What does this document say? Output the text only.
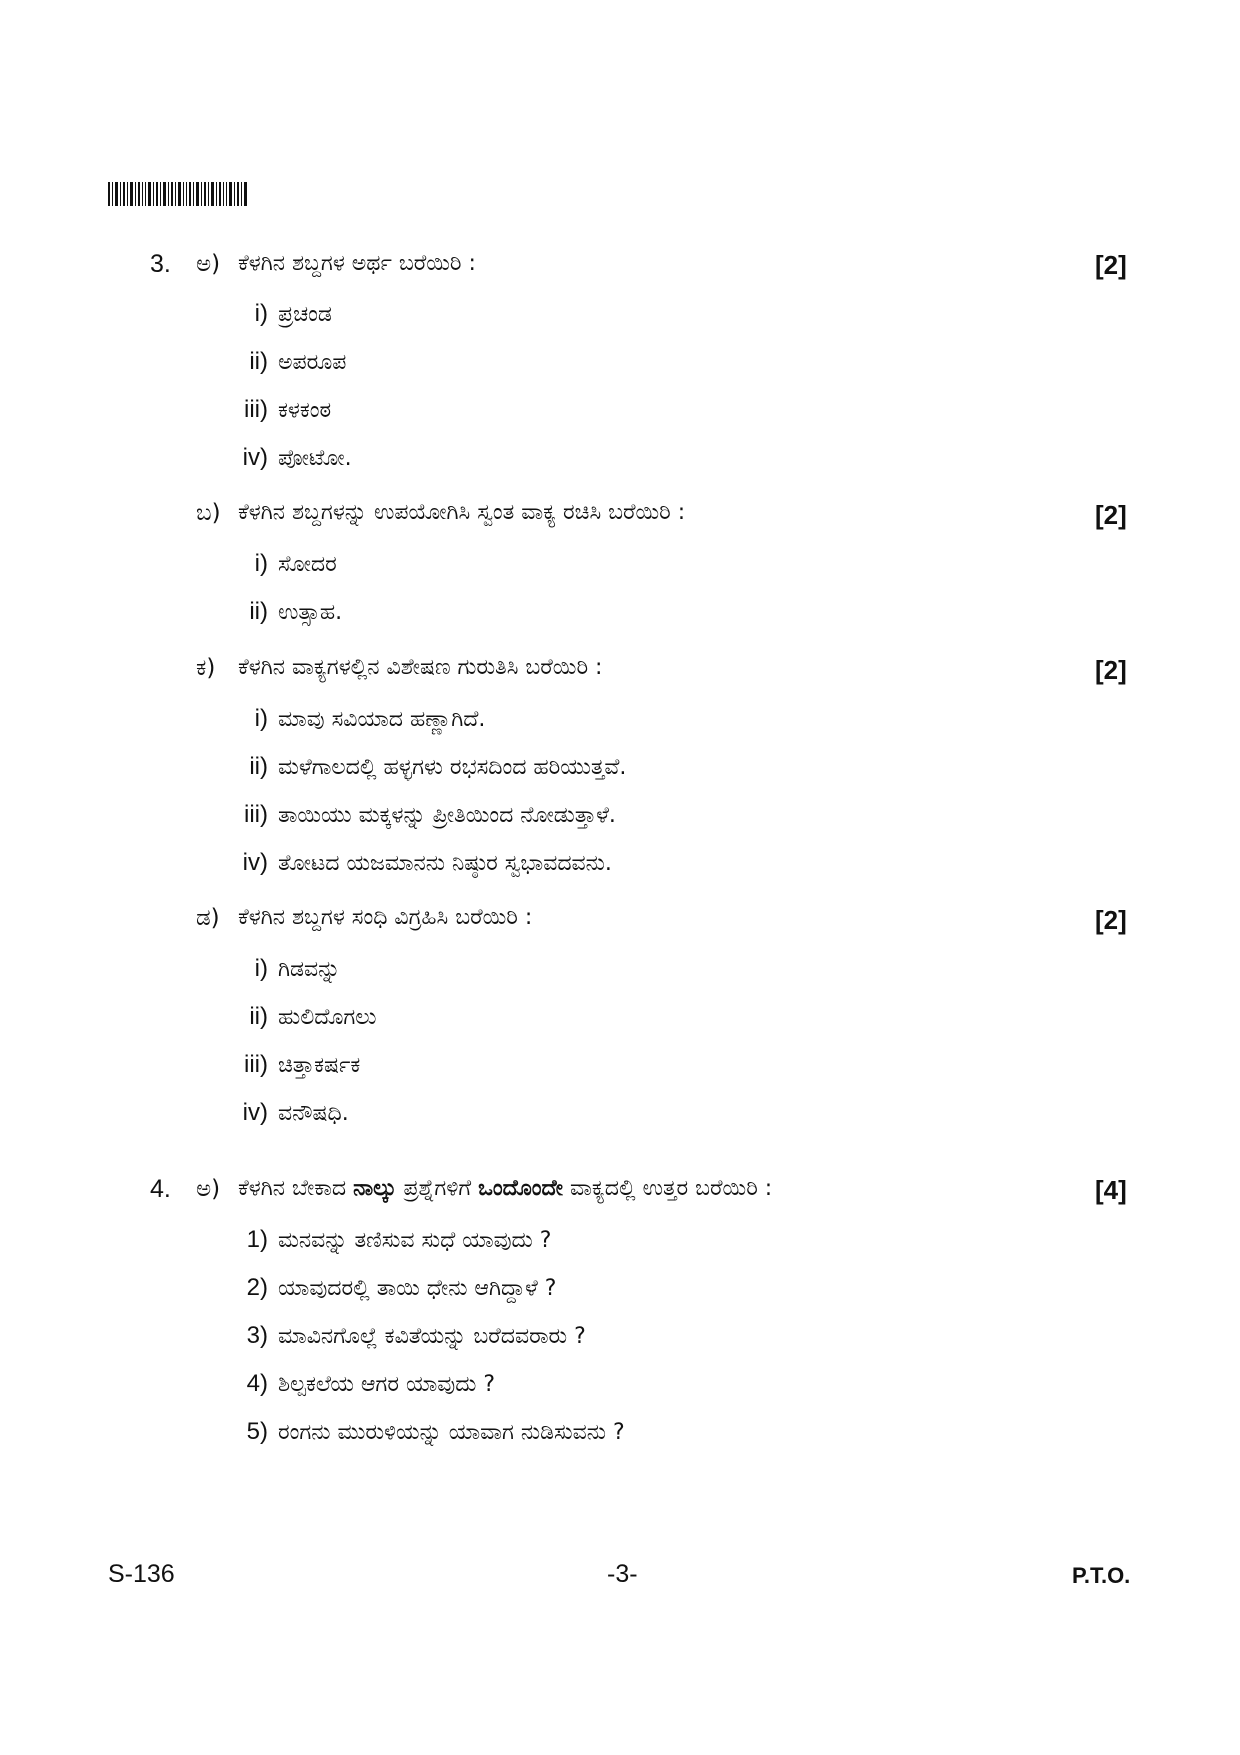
3. ಅ) ಕೆಳಗಿನ ಶಬ್ದಗಳ ಅರ್ಥ ಬರೆಯಿರಿ :	[2]
i) ಪ್ರಚಂಡ
ii) ಅಪರೂಪ
iii) ಕಳಕಂಠ
iv) ಪೋಟೋ.
ಬ) ಕೆಳಗಿನ ಶಬ್ದಗಳನ್ನು ಉಪಯೋಗಿಸಿ ಸ್ವಂತ ವಾಕ್ಯ ರಚಿಸಿ ಬರೆಯಿರಿ :	[2]
i) ಸೋದರ
ii) ಉತ್ಸಾಹ.
ಕ) ಕೆಳಗಿನ ವಾಕ್ಯಗಳಲ್ಲಿನ ವಿಶೇಷಣ ಗುರುತಿಸಿ ಬರೆಯಿರಿ :	[2]
i) ಮಾವು ಸವಿಯಾದ ಹಣ್ಣಾಗಿದೆ.
ii) ಮಳೆಗಾಲದಲ್ಲಿ ಹಳ್ಳಗಳು ರಭಸದಿಂದ ಹರಿಯುತ್ತವೆ.
iii) ತಾಯಿಯು ಮಕ್ಕಳನ್ನು ಪ್ರೀತಿಯಿಂದ ನೋಡುತ್ತಾಳೆ.
iv) ತೋಟದ ಯಜಮಾನನು ನಿಷ್ಠುರ ಸ್ವಭಾವದವನು.
ಡ) ಕೆಳಗಿನ ಶಬ್ದಗಳ ಸಂಧಿ ವಿಗ್ರಹಿಸಿ ಬರೆಯಿರಿ :	[2]
i) ಗಿಡವನ್ನು
ii) ಹುಲಿದೊಗಲು
iii) ಚಿತ್ತಾಕರ್ಷಕ
iv) ವನೌಷಧಿ.
4. ಅ) ಕೆಳಗಿನ ಬೇಕಾದ ನಾಲ್ಕು ಪ್ರಶ್ನೆಗಳಿಗೆ ಒಂದೊಂದೇ ವಾಕ್ಯದಲ್ಲಿ ಉತ್ತರ ಬರೆಯಿರಿ :	[4]
1) ಮನವನ್ನು ತಣಿಸುವ ಸುಧೆ ಯಾವುದು ?
2) ಯಾವುದರಲ್ಲಿ ತಾಯಿ ಧೇನು ಆಗಿದ್ದಾಳೆ ?
3) ಮಾವಿನಗೊಲ್ಲೆ ಕವಿತೆಯನ್ನು ಬರೆದವರಾರು ?
4) ಶಿಲ್ಪಕಲೆಯ ಆಗರ ಯಾವುದು ?
5) ರಂಗನು ಮುರುಳಿಯನ್ನು ಯಾವಾಗ ನುಡಿಸುವನು ?
S-136	-3-	P.T.O.
